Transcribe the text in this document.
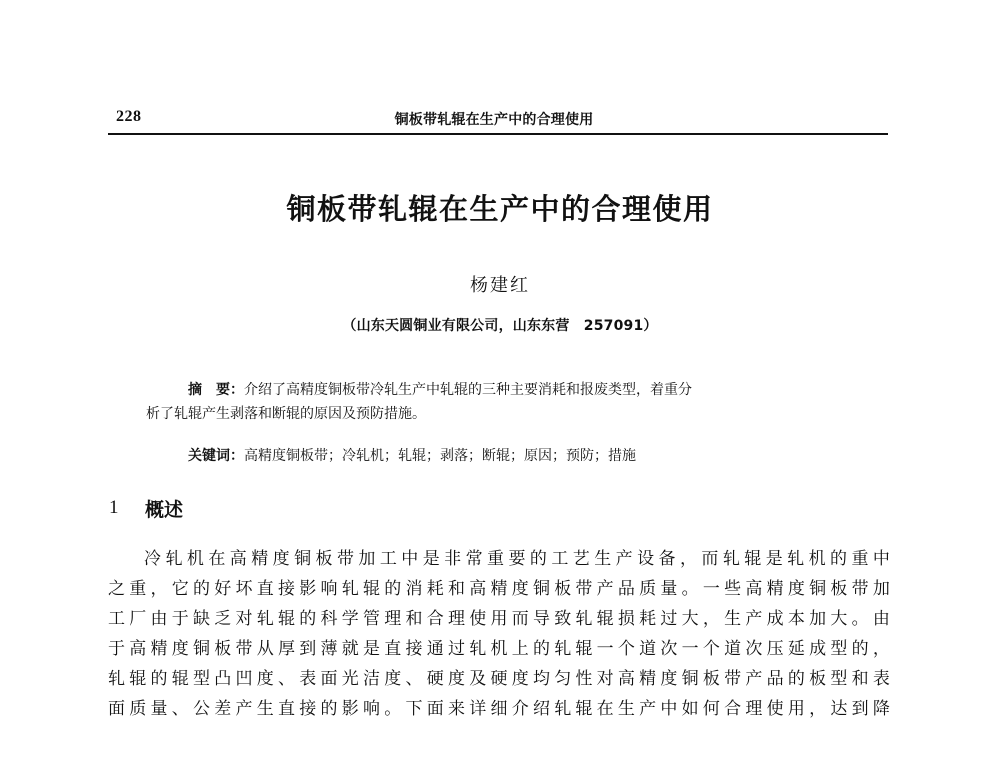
228	铜板带轧辊在生产中的合理使用
铜板带轧辊在生产中的合理使用
杨建红
（山东天圆铜业有限公司，山东东营　257091）
摘　要：介绍了高精度铜板带冷轧生产中轧辊的三种主要消耗和报废类型，着重分
析了轧辊产生剥落和断辊的原因及预防措施。
关键词：高精度铜板带；冷轧机；轧辊；剥落；断辊；原因；预防；措施
1 概述
冷轧机在高精度铜板带加工中是非常重要的工艺生产设备，而轧辊是轧机的重中
之重，它的好坏直接影响轧辊的消耗和高精度铜板带产品质量。一些高精度铜板带加
工厂由于缺乏对轧辊的科学管理和合理使用而导致轧辊损耗过大，生产成本加大。由
于高精度铜板带从厚到薄就是直接通过轧机上的轧辊一个道次一个道次压延成型的，
轧辊的辊型凸凹度、表面光洁度、硬度及硬度均匀性对高精度铜板带产品的板型和表
面质量、公差产生直接的影响。下面来详细介绍轧辊在生产中如何合理使用，达到降
